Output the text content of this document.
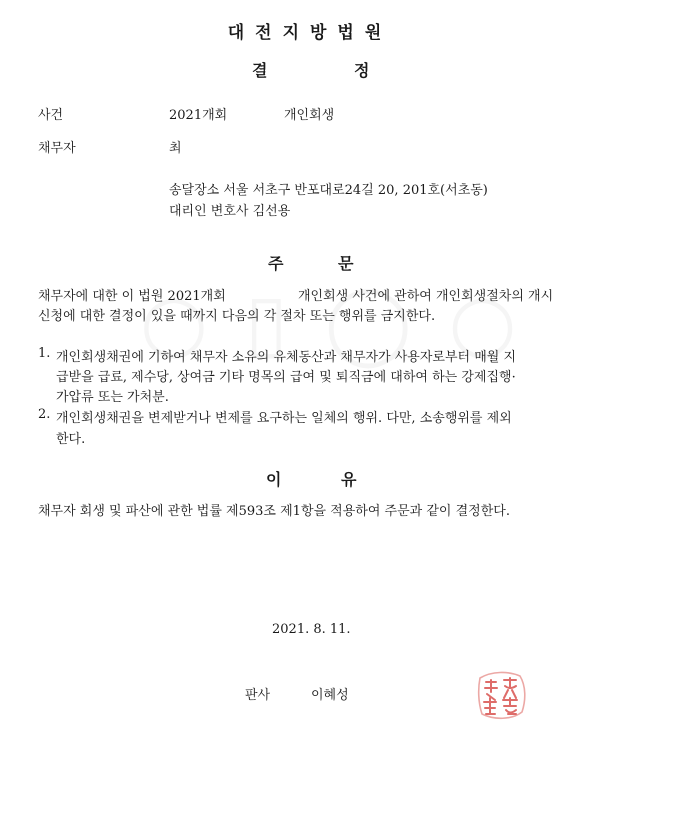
대전지방법원
결	정
사건	2021개회	개인회생
채무자	최
송달장소 서울 서초구 반포대로24길 20, 201호(서초동)
대리인 변호사 김선용
주	문
채무자에 대한 이 법원 2021개회	개인회생 사건에 관하여 개인회생절차의 개시
신청에 대한 결정이 있을 때까지 다음의 각 절차 또는 행위를 금지한다.
1. 개인회생채권에 기하여 채무자 소유의 유체동산과 채무자가 사용자로부터 매월 지
급받을 급료, 제수당, 상여금 기타 명목의 급여 및 퇴직금에 대하여 하는 강제집행·
가압류 또는 가처분.
2. 개인회생채권을 변제받거나 변제를 요구하는 일체의 행위. 다만, 소송행위를 제외
한다.
이	유
채무자 회생 및 파산에 관한 법률 제593조 제1항을 적용하여 주문과 같이 결정한다.
2021. 8. 11.
판사	이혜성
